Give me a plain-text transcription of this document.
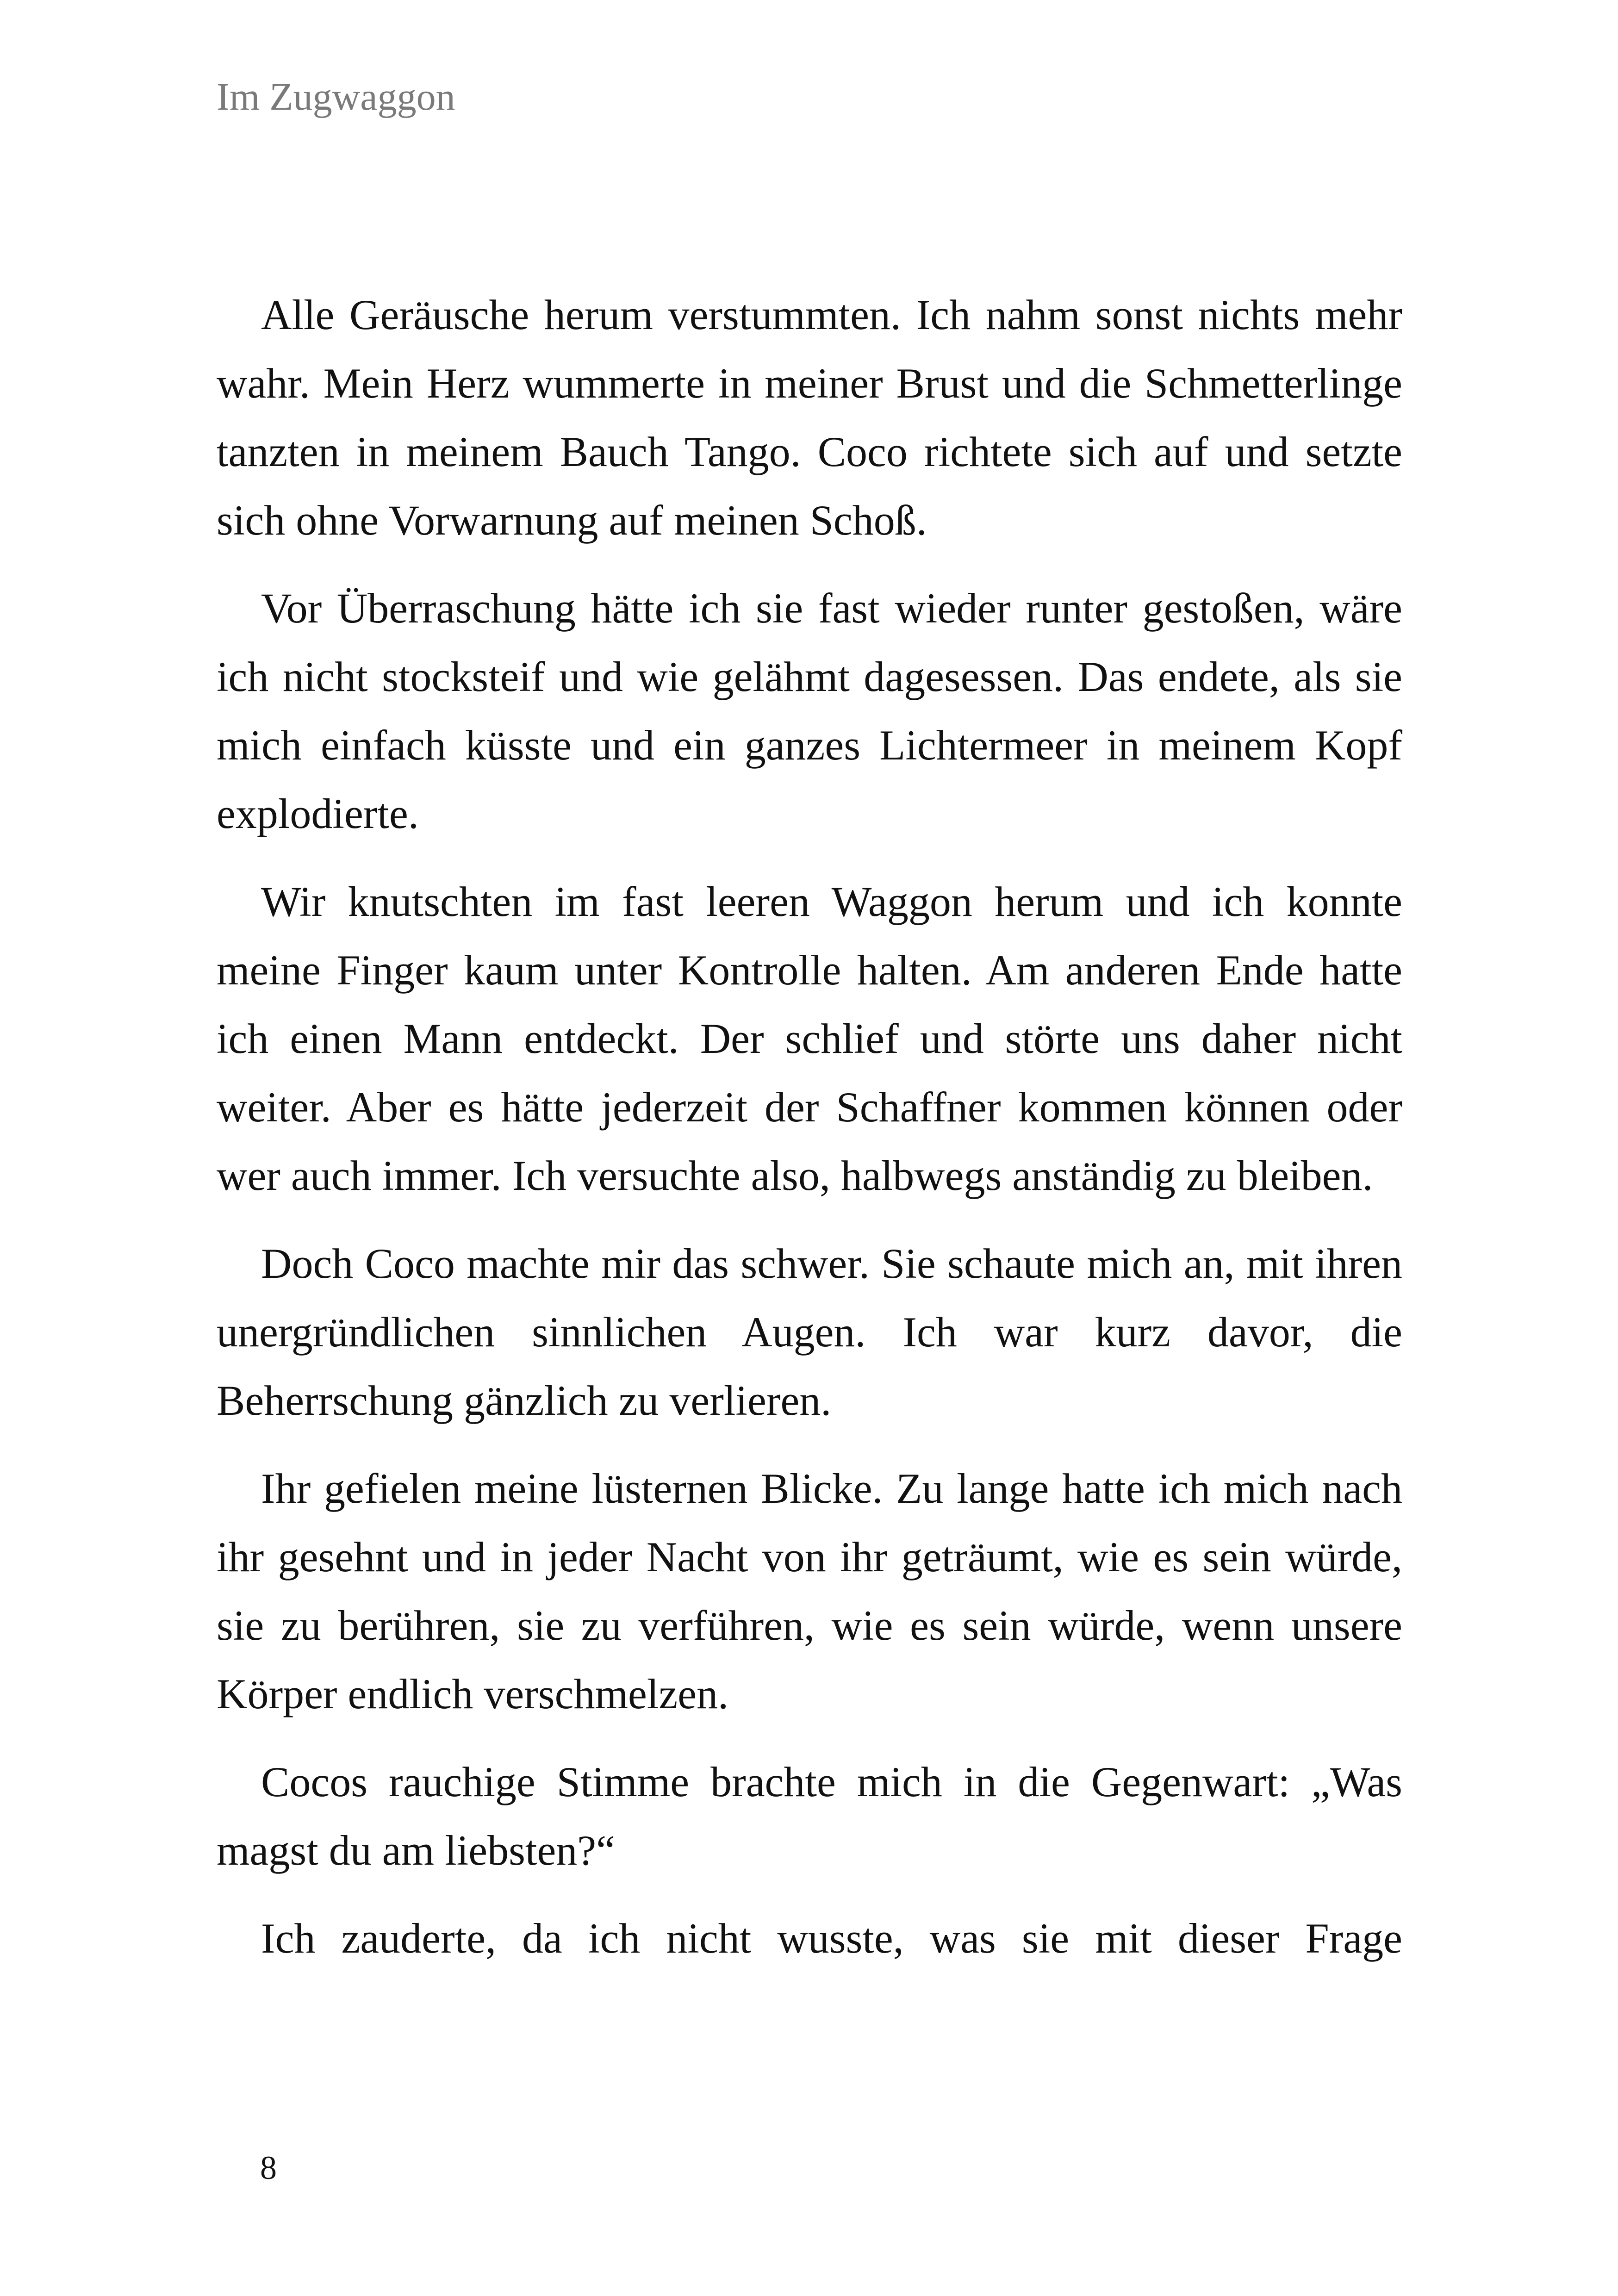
Im Zugwaggon

Alle Geräusche herum verstummten. Ich nahm sonst nichts mehr wahr. Mein Herz wummerte in meiner Brust und die Schmetterlinge tanzten in meinem Bauch Tango. Coco richtete sich auf und setzte sich ohne Vorwarnung auf meinen Schoß.

Vor Überraschung hätte ich sie fast wieder runter gestoßen, wäre ich nicht stocksteif und wie gelähmt dagesessen. Das endete, als sie mich einfach küsste und ein ganzes Lichtermeer in meinem Kopf explodierte.

Wir knutschten im fast leeren Waggon herum und ich konnte meine Finger kaum unter Kontrolle halten. Am anderen Ende hatte ich einen Mann entdeckt. Der schlief und störte uns daher nicht weiter. Aber es hätte jederzeit der Schaffner kommen können oder wer auch immer. Ich versuchte also, halbwegs anständig zu bleiben.

Doch Coco machte mir das schwer. Sie schaute mich an, mit ihren unergründlichen sinnlichen Augen. Ich war kurz davor, die Beherrschung gänzlich zu verlieren.

Ihr gefielen meine lüsternen Blicke. Zu lange hatte ich mich nach ihr gesehnt und in jeder Nacht von ihr geträumt, wie es sein würde, sie zu berühren, sie zu verführen, wie es sein würde, wenn unsere Körper endlich verschmelzen.

Cocos rauchige Stimme brachte mich in die Gegenwart: „Was magst du am liebsten?“

Ich zauderte, da ich nicht wusste, was sie mit dieser Frage

8
